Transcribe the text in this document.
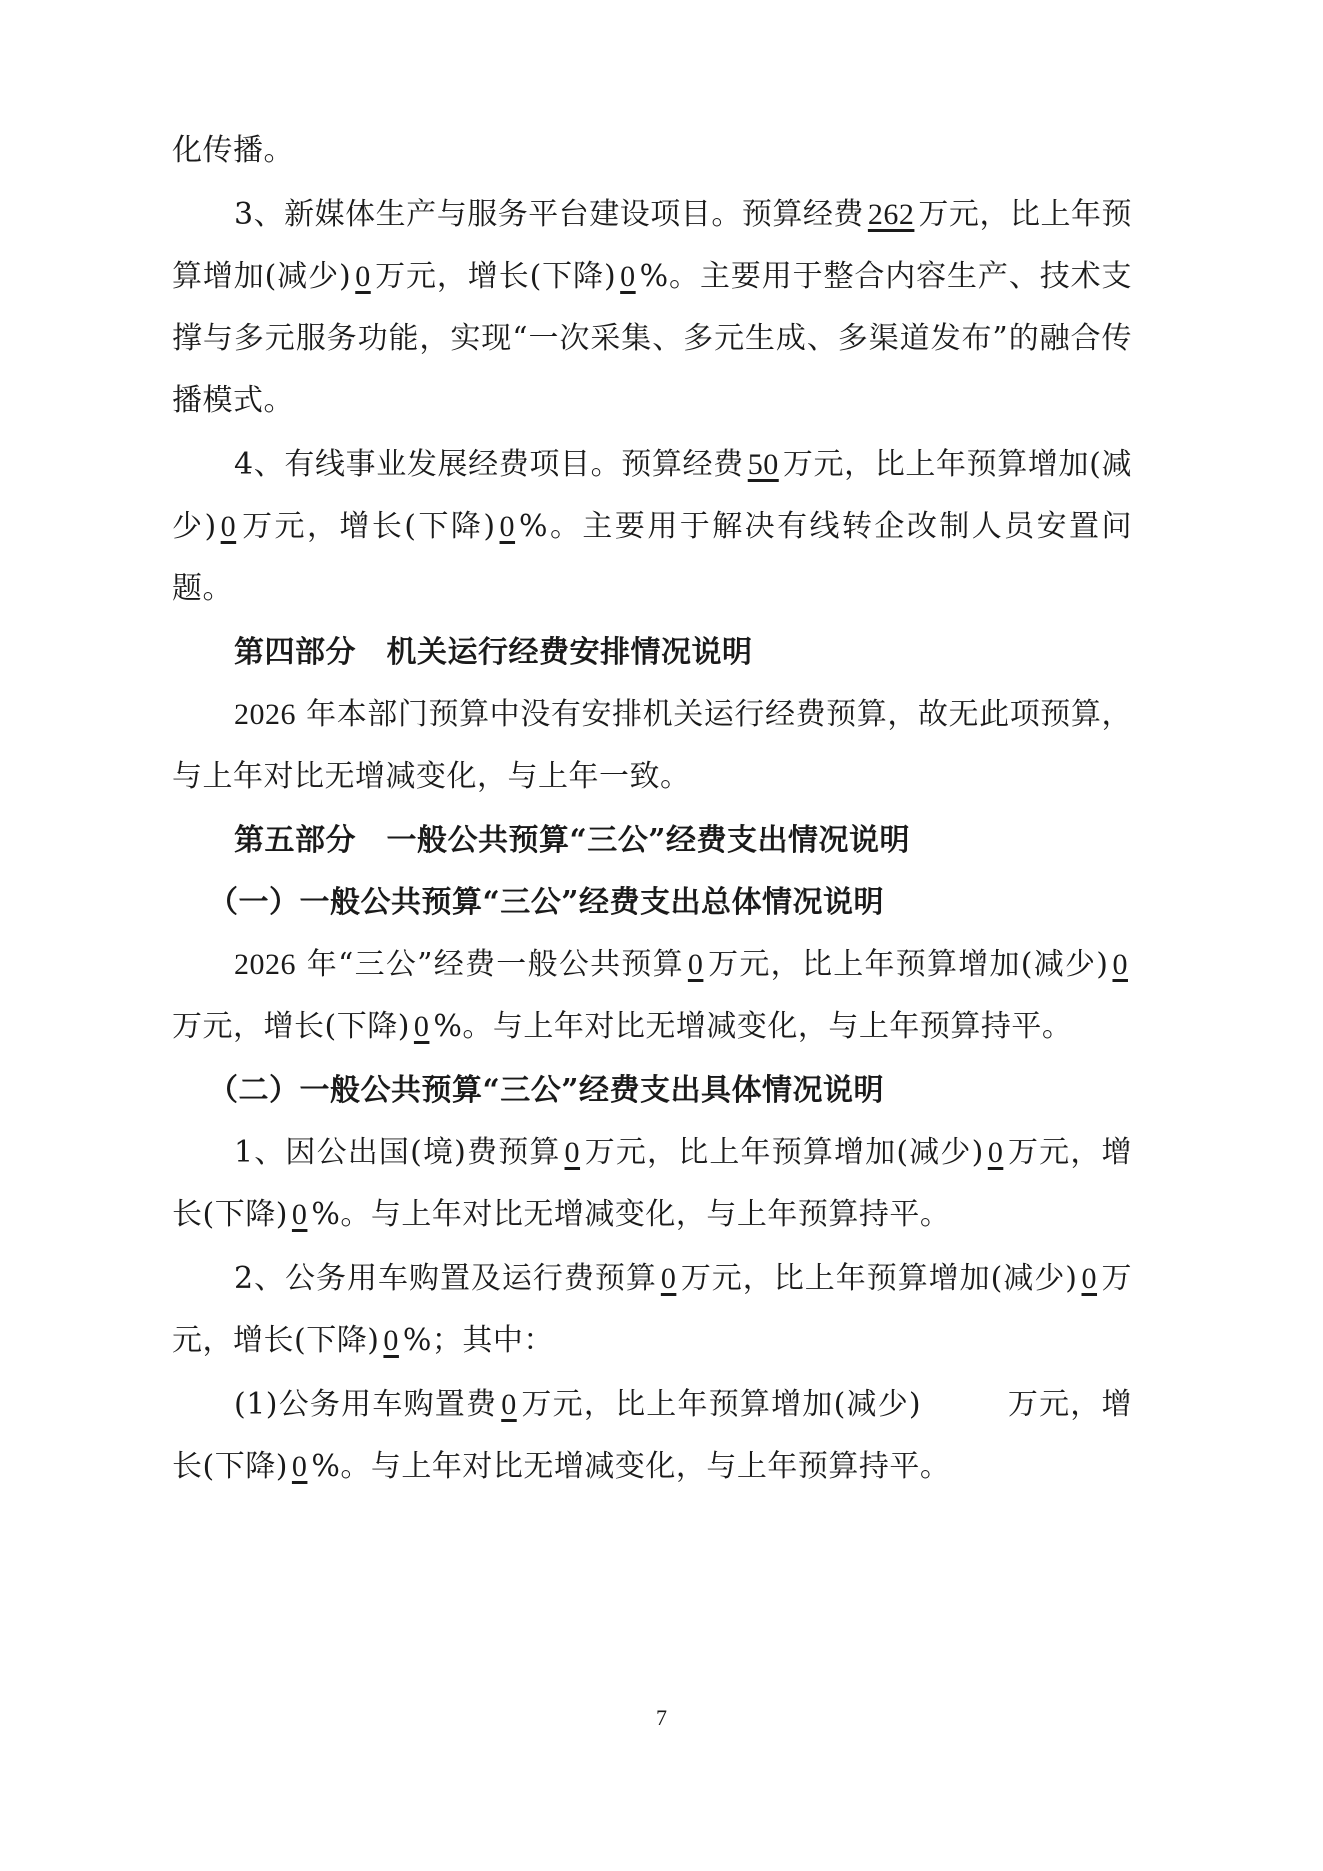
化传播。

3、新媒体生产与服务平台建设项目。预算经费 262 万元，比上年预算增加(减少) 0 万元，增长(下降) 0 %。主要用于整合内容生产、技术支撑与多元服务功能，实现“一次采集、多元生成、多渠道发布”的融合传播模式。

4、有线事业发展经费项目。预算经费 50 万元，比上年预算增加(减少) 0 万元，增长(下降) 0 %。主要用于解决有线转企改制人员安置问题。

第四部分　机关运行经费安排情况说明

2026 年本部门预算中没有安排机关运行经费预算，故无此项预算，与上年对比无增减变化，与上年一致。

第五部分　一般公共预算“三公”经费支出情况说明

（一）一般公共预算“三公”经费支出总体情况说明

2026 年“三公”经费一般公共预算 0 万元，比上年预算增加(减少) 0万元，增长(下降) 0 %。与上年对比无增减变化，与上年预算持平。

（二）一般公共预算“三公”经费支出具体情况说明

1、因公出国(境)费预算 0 万元，比上年预算增加(减少) 0 万元，增长(下降) 0 %。与上年对比无增减变化，与上年预算持平。

2、公务用车购置及运行费预算 0 万元，比上年预算增加(减少) 0 万元，增长(下降) 0 %；其中：

(1)公务用车购置费 0 万元，比上年预算增加(减少)	万元，增长(下降) 0 %。与上年对比无增减变化，与上年预算持平。

7
